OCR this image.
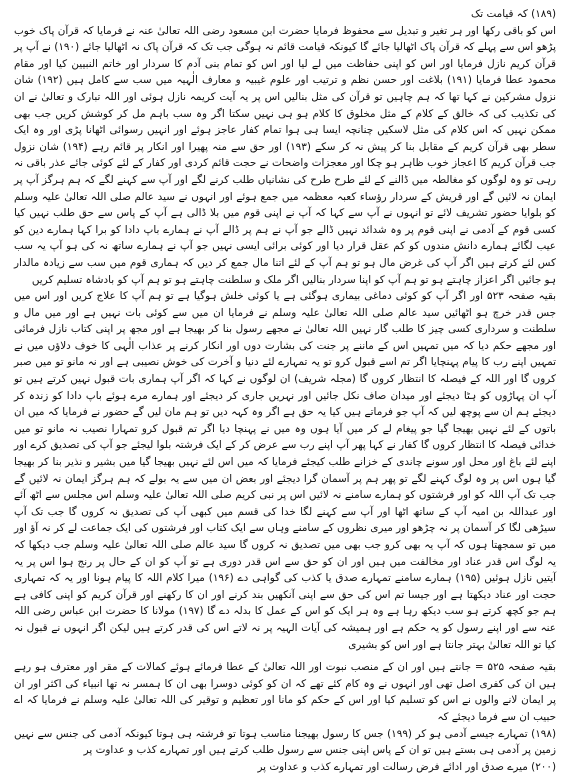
(۱۸۹) کہ قیامت تک
اس کو باقی رکھا اور ہر تغیر و تبدیل سے محفوظ فرمایا حضرت ابن مسعود رضی اللہ تعالیٰ عنہ نے فرمایا کہ قرآن پاک خوب پڑھو اس سے پہلے کہ قرآن پاک اٹھالیا جائے گا کیونکہ قیامت قائم نہ ہوگی جب تک کہ قرآن پاک نہ اٹھالیا جائے (۱۹۰) نے آپ پر قرآن کریم نازل فرمایا اور اس کو اپنی حفاظت میں لے لیا اور اس کو تمام بنی آدم کا سردار اور خاتم النبیین کیا اور مقام محمود عطا فرمایا (۱۹۱) بلاغت اور حسن نظم و ترتیب اور علوم غیبیہ و معارف الٰہیہ میں سب سے کامل ہیں (۱۹۲) شان نزول مشرکین نے کہا تھا کہ ہم چاہیں تو قرآن کی مثل بنالیں اس پر یہ آیت کریمہ نازل ہوئی اور اللہ تبارک و تعالیٰ نے ان کی تکذیب کی کہ خالق کے کلام کے مثل مخلوق کا کلام ہو ہی نہیں سکتا اگر وہ سب باہم مل کر کوشش کریں جب بھی ممکن نہیں کہ اس کلام کی مثل لاسکیں چنانچہ ایسا ہی ہوا تمام کفار عاجز ہوئے اور انہیں رسوائی اٹھانا پڑی اور وہ ایک سطر بھی قرآن کریم کے مقابل بنا کر پیش نہ کر سکے (۱۹۳) اور حق سے منہ پھیرا اور انکار پر قائم رہے (۱۹۴) شان نزول جب قرآن کریم کا اعجاز خوب ظاہر ہو چکا اور معجزات واضحات نے حجت قائم کردی اور کفار کے لئے کوئی جائے عذر باقی نہ رہی تو وہ لوگوں کو مغالطہ میں ڈالنے کے لئے طرح طرح کی نشانیاں طلب کرنے لگے اور آپ سے کہنے لگے کہ ہم ہرگز آپ پر ایمان نہ لائیں گے اور قریش کے سردار رؤساء کعبہ معظمہ میں جمع ہوئے اور انہوں نے سید عالم صلی اللہ تعالیٰ علیہ وسلم کو بلوایا حضور تشریف لائے تو انہوں نے آپ سے کہا کہ آپ نے اپنی قوم میں بلا ڈالی ہے آپ کے پاس سے حق طلب نہیں کیا کسی قوم کے آدمی نے اپنی قوم پر وہ شدائد نہیں ڈالے جو آپ نے ہم پر ڈالے آپ نے ہمارے باپ دادا کو برا کہا ہمارے دین کو عیب لگائے ہمارے دانش مندوں کو کم عقل قرار دیا اور کوئی برائی ایسی نہیں جو آپ نے ہمارے ساتھ نہ کی ہو آپ یہ سب کس لئے کرتے ہیں اگر آپ کی غرض مال ہو تو ہم آپ کے لئے اتنا مال جمع کر دیں کہ ہماری قوم میں سب سے زیادہ مالدار ہو جائیں اگر اعزاز چاہتے ہو تو ہم آپ کو اپنا سردار بنالیں اگر ملک و سلطنت چاہتے ہو تو ہم آپ کو بادشاہ تسلیم کریں
بقیہ صفحہ ۵۲۳ اور اگر آپ کو کوئی دماغی بیماری ہوگئی ہے یا کوئی خلش ہوگیا ہے تو ہم آپ کا علاج کریں اور اس میں جس قدر خرچ ہو اٹھائیں سید عالم صلی اللہ تعالیٰ علیہ وسلم نے فرمایا ان میں سے کوئی بات نہیں ہے اور میں مال و سلطنت و سرداری کسی چیز کا طلب گار نہیں اللہ تعالیٰ نے مجھے رسول بنا کر بھیجا ہے اور مجھ پر اپنی کتاب نازل فرمائی اور مجھے حکم دیا کہ میں تمہیں اس کے ماننے پر جنت کی بشارت دوں اور انکار کرنے پر عذاب الٰہی کا خوف دلاؤں میں نے تمہیں اپنے رب کا پیام پہنچایا اگر تم اسے قبول کرو تو یہ تمہارے لئے دنیا و آخرت کی خوش نصیبی ہے اور نہ مانو تو میں صبر کروں گا اور اللہ کے فیصلہ کا انتظار کروں گا (مجلہ شریف) ان لوگوں نے کہا کہ اگر آپ ہماری بات قبول نہیں کرتے ہیں تو آپ ان پہاڑوں کو ہٹا دیجئے اور میدان صاف نکل جائیں اور نہریں جاری کر دیجئے اور ہمارے مرے ہوئے باپ دادا کو زندہ کر دیجئے ہم ان سے پوچھ لیں کہ آپ جو فرماتے ہیں کیا یہ حق ہے اگر وہ کہہ دیں تو ہم مان لیں گے حضور نے فرمایا کہ میں ان باتوں کے لئے نہیں بھیجا گیا جو پیغام لے کر میں آیا ہوں وہ میں نے پہنچا دیا اگر تم قبول کرو تمہارا نصیب نہ مانو تو میں خدائی فیصلہ کا انتظار کروں گا کفار نے کہا پھر آپ اپنے رب سے عرض کر کے ایک فرشتہ بلوا لیجئے جو آپ کی تصدیق کرے اور اپنے لئے باغ اور محل اور سونے چاندی کے خزانے طلب کیجئے فرمایا کہ میں اس لئے نہیں بھیجا گیا میں بشیر و نذیر بنا کر بھیجا گیا ہوں اس پر وہ لوگ کہنے لگے تو پھر ہم پر آسمان گرا دیجئے اور بعض ان میں سے یہ بولے کہ ہم ہرگز ایمان نہ لائیں گے جب تک آپ اللہ کو اور فرشتوں کو ہمارے سامنے نہ لائیں اس پر نبی کریم صلی اللہ تعالیٰ علیہ وسلم اس مجلس سے اٹھ آئے اور عبداللہ بن امیہ آپ کے ساتھ اٹھا اور آپ سے کہنے لگا خدا کی قسم میں کبھی آپ کی تصدیق نہ کروں گا جب تک آپ سیڑھی لگا کر آسمان پر نہ چڑھو اور میری نظروں کے سامنے وہاں سے ایک کتاب اور فرشتوں کی ایک جماعت لے کر نہ آؤ اور میں تو سمجھتا ہوں کہ آپ یہ بھی کرو جب بھی میں تصدیق نہ کروں گا سید عالم صلی اللہ تعالیٰ علیہ وسلم جب دیکھا کہ یہ لوگ اس قدر عناد اور مخالفت میں ہیں اور ان کو حق سے اس قدر دوری ہے تو آپ کو ان کے حال پر رنج ہوا اس پر یہ آیتیں نازل ہوئیں (۱۹۵) ہمارے سامنے تمہارے صدق یا کذب کی گواہی دے (۱۹۶) میرا کلام اللہ کا پیام ہونا اور یہ کہ تمہاری حجت اور عناد دیکھتا ہے اور جیسا تم اس کی حق سے اپنی آنکھیں بند کرنے اور ان کا رکھنے اور قرآن کریم کو اپنی کافی ہے ہم جو کچھ کرتے ہو سب دیکھ رہا ہے وہ ہر ایک کو اس کے عمل کا بدلہ دے گا (۱۹۷) مولانا کا حضرت ابن عباس رضی اللہ عنہ سے اور اپنے رسول کو یہ حکم ہے اور ہمیشہ کی آیات الہیہ پر نہ لاتے اس کی قدر کرتے ہیں لیکن اگر انہوں نے قبول نہ کیا تو اللہ تعالیٰ بہتر جانتا ہے اور اس کو بشیری

بقیہ صفحہ ۵۲۵ = جانتے ہیں اور ان کے منصب نبوت اور اللہ تعالیٰ کے عطا فرمائے ہوئے کمالات کے مقر اور معترف ہو رہے ہیں ان کی کفری اصل تھی اور انہوں نے وہ کام کئے تھے کہ ان کو کوئی دوسرا بھی ان کا ہمسر نہ تھا انبیاء کی اکثر اور ان پر ایمان لانے والوں نے اس کو تسلیم کیا اور اس کے حکم کو مانا اور تعظیم و توقیر کی اللہ تعالیٰ علیہ وسلم نے فرمایا کہ اے حبیب ان سے فرما دیجئے کہ
(۱۹۸) تمہارے جیسے آدمی ہو کر (۱۹۹) جس کا رسول بھیجنا مناسب ہوتا تو فرشتہ ہی ہوتا کیونکہ آدمی کی جنس سے نہیں زمین پر آدمی ہی بستے ہیں تو ان کے پاس اپنی جنس سے رسول طلب کرتے ہیں اور تمہارے کذب و عداوت پر
(۲۰۰) میرے صدق اور ادائے فرض رسالت اور تمہارے کذب و عداوت پر
